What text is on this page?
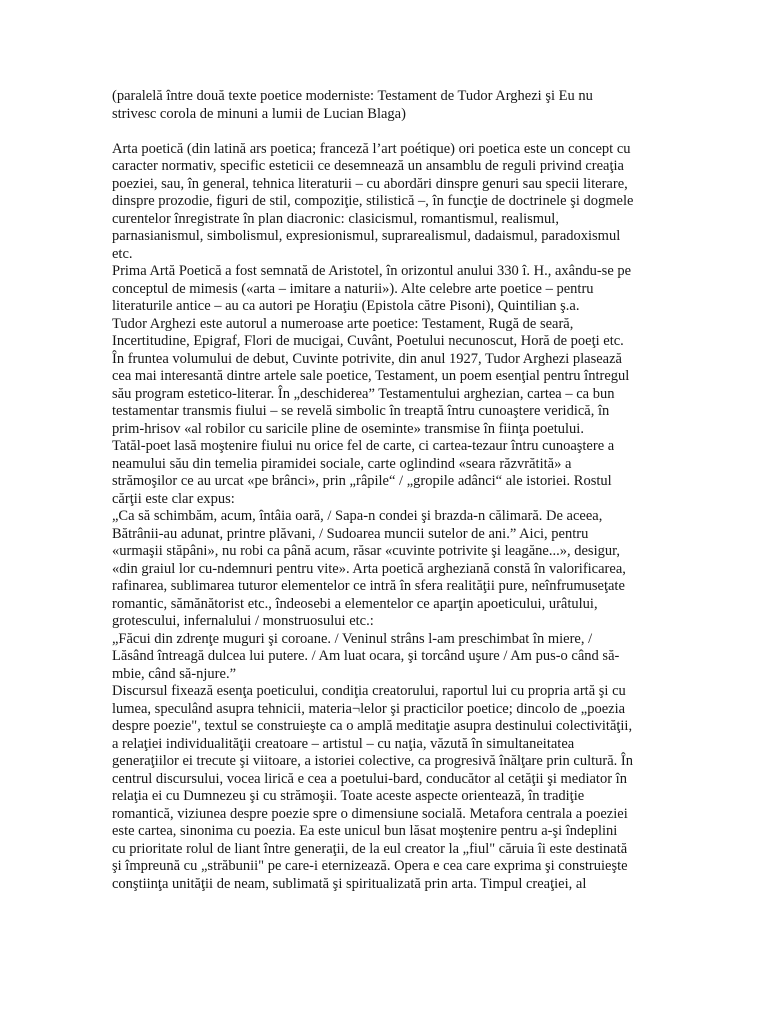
(paralelă între două texte poetice moderniste: Testament de Tudor Arghezi şi Eu nu
strivesc corola de minuni a lumii de Lucian Blaga)
Arta poetică (din latină ars poetica; franceză l’art poétique) ori poetica este un concept cu
caracter normativ, specific esteticii ce desemnează un ansamblu de reguli privind creaţia
poeziei, sau, în general, tehnica literaturii – cu abordări dinspre genuri sau specii literare,
dinspre prozodie, figuri de stil, compoziţie, stilistică –, în funcţie de doctrinele şi dogmele
curentelor înregistrate în plan diacronic: clasicismul, romantismul, realismul,
parnasianismul, simbolismul, expresionismul, suprarealismul, dadaismul, paradoxismul
etc.
Prima Artă Poetică a fost semnată de Aristotel, în orizontul anului 330 î. H., axându-se pe
conceptul de mimesis («arta – imitare a naturii»). Alte celebre arte poetice – pentru
literaturile antice – au ca autori pe Horaţiu (Epistola către Pisoni), Quintilian ş.a.
Tudor Arghezi este autorul a numeroase arte poetice: Testament, Rugă de seară,
Incertitudine, Epigraf, Flori de mucigai, Cuvânt, Poetului necunoscut, Horă de poeţi etc.
În fruntea volumului de debut, Cuvinte potrivite, din anul 1927, Tudor Arghezi plasează
cea mai interesantă dintre artele sale poetice, Testament, un poem esenţial pentru întregul
său program estetico-literar. În „deschiderea” Testamentului arghezian, cartea – ca bun
testamentar transmis fiului – se revelă simbolic în treaptă întru cunoaştere veridică, în
prim-hrisov «al robilor cu saricile pline de oseminte» transmise în fiinţa poetului.
Tatăl-poet lasă moştenire fiului nu orice fel de carte, ci cartea-tezaur întru cunoaştere a
neamului său din temelia piramidei sociale, carte oglindind «seara răzvrătită» a
strămoşilor ce au urcat «pe brânci», prin „râpile“ / „gropile adânci“ ale istoriei. Rostul
cărţii este clar expus:
„Ca să schimbăm, acum, întâia oară, / Sapa-n condei şi brazda-n călimară. De aceea,
Bătrânii-au adunat, printre plăvani, / Sudoarea muncii sutelor de ani.” Aici, pentru
«urmaşii stăpâni», nu robi ca până acum, răsar «cuvinte potrivite şi leagăne...», desigur,
«din graiul lor cu-ndemnuri pentru vite». Arta poetică argheziană constă în valorificarea,
rafinarea, sublimarea tuturor elementelor ce intră în sfera realităţii pure, neînfrumuseţate
romantic, sămănătorist etc., îndeosebi a elementelor ce aparţin apoeticului, urâtului,
grotescului, infernalului / monstruosului etc.:
„Făcui din zdrenţe muguri şi coroane. / Veninul strâns l-am preschimbat în miere, /
Lăsând întreagă dulcea lui putere. / Am luat ocara, şi torcând uşure / Am pus-o când să-
mbie, când să-njure.”
Discursul fixează esenţa poeticului, condiţia creatorului, raportul lui cu propria artă şi cu
lumea, speculând asupra tehnicii, materia¬lelor şi practicilor poetice; dincolo de „poezia
despre poezie", textul se construieşte ca o amplă meditaţie asupra destinului colectivităţii,
a relaţiei individualităţii creatoare – artistul – cu naţia, văzută în simultaneitatea
generaţiilor ei trecute şi viitoare, a istoriei colective, ca progresivă înălţare prin cultură. În
centrul discursului, vocea lirică e cea a poetului-bard, conducător al cetăţii şi mediator în
relaţia ei cu Dumnezeu şi cu strămoşii. Toate aceste aspecte orientează, în tradiţie
romantică, viziunea despre poezie spre o dimensiune socială. Metafora centrala a poeziei
este cartea, sinonima cu poezia. Ea este unicul bun lăsat moştenire pentru a-şi îndeplini
cu prioritate rolul de liant între generaţii, de la eul creator la „fiul" căruia îi este destinată
şi împreună cu „străbunii" pe care-i eternizează. Opera e cea care exprima şi construieşte
conştiinţa unităţii de neam, sublimată şi spiritualizată prin arta. Timpul creaţiei, al
